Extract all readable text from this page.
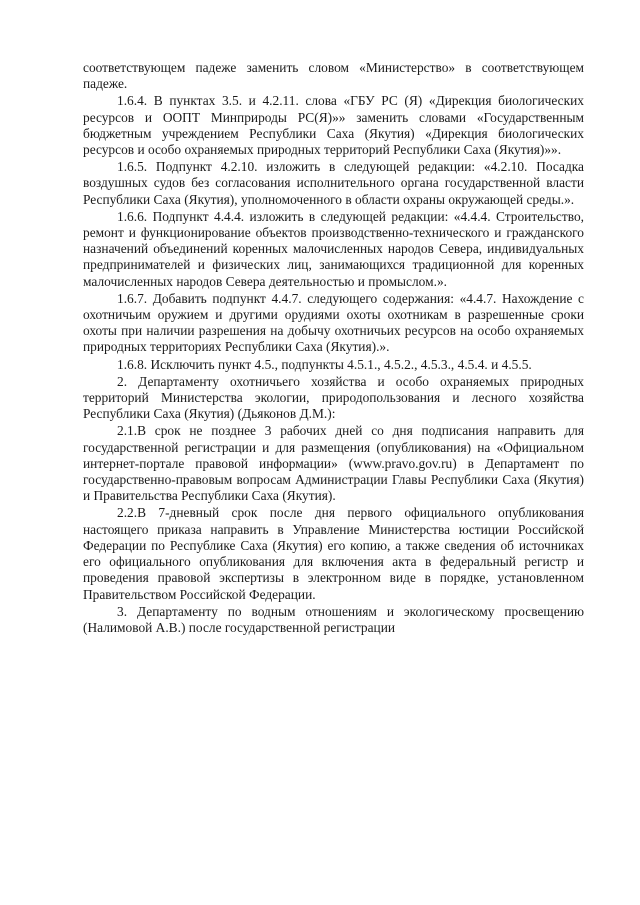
соответствующем падеже заменить словом «Министерство» в соответствующем падеже.

1.6.4. В пунктах 3.5. и 4.2.11. слова «ГБУ РС (Я) «Дирекция биологических ресурсов и ООПТ Минприроды РС(Я)»» заменить словами «Государственным бюджетным учреждением Республики Саха (Якутия) «Дирекция биологических ресурсов и особо охраняемых природных территорий Республики Саха (Якутия)»».

1.6.5. Подпункт 4.2.10. изложить в следующей редакции: «4.2.10. Посадка воздушных судов без согласования исполнительного органа государственной власти Республики Саха (Якутия), уполномоченного в области охраны окружающей среды.».

1.6.6. Подпункт 4.4.4. изложить в следующей редакции: «4.4.4. Строительство, ремонт и функционирование объектов производственно-технического и гражданского назначений объединений коренных малочисленных народов Севера, индивидуальных предпринимателей и физических лиц, занимающихся традиционной для коренных малочисленных народов Севера деятельностью и промыслом.».

1.6.7. Добавить подпункт 4.4.7. следующего содержания: «4.4.7. Нахождение с охотничьим оружием и другими орудиями охоты охотникам в разрешенные сроки охоты при наличии разрешения на добычу охотничьих ресурсов на особо охраняемых природных территориях Республики Саха (Якутия).».

1.6.8. Исключить пункт 4.5., подпункты 4.5.1., 4.5.2., 4.5.3., 4.5.4. и 4.5.5.

2. Департаменту охотничьего хозяйства и особо охраняемых природных территорий Министерства экологии, природопользования и лесного хозяйства Республики Саха (Якутия) (Дьяконов Д.М.):

2.1.В срок не позднее 3 рабочих дней со дня подписания направить для государственной регистрации и для размещения (опубликования) на «Официальном интернет-портале правовой информации» (www.pravo.gov.ru) в Департамент по государственно-правовым вопросам Администрации Главы Республики Саха (Якутия) и Правительства Республики Саха (Якутия).

2.2.В 7-дневный срок после дня первого официального опубликования настоящего приказа направить в Управление Министерства юстиции Российской Федерации по Республике Саха (Якутия) его копию, а также сведения об источниках его официального опубликования для включения акта в федеральный регистр и проведения правовой экспертизы в электронном виде в порядке, установленном Правительством Российской Федерации.

3. Департаменту по водным отношениям и экологическому просвещению (Налимовой А.В.) после государственной регистрации
